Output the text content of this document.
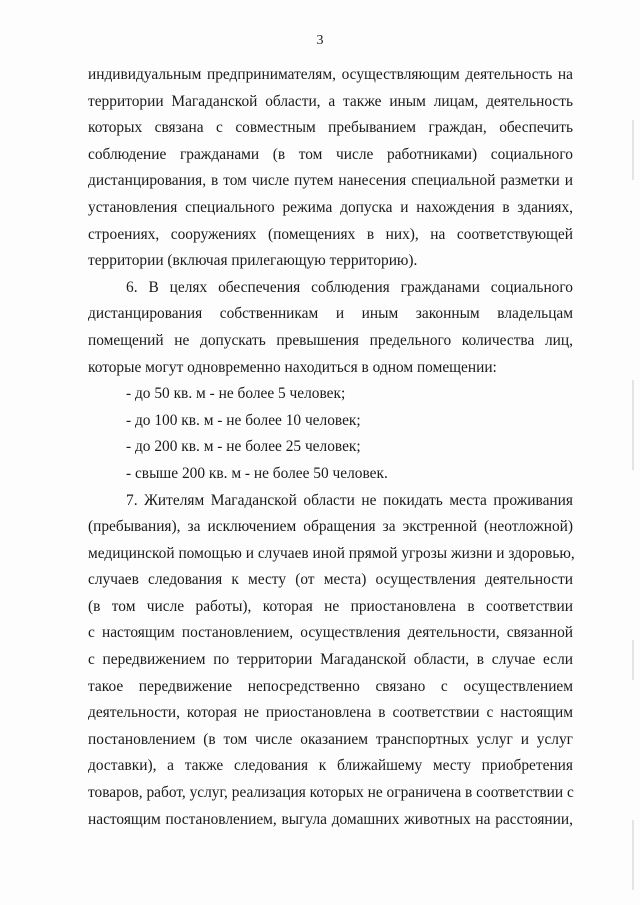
3
индивидуальным предпринимателям, осуществляющим деятельность на
территории Магаданской области, а также иным лицам, деятельность
которых связана с совместным пребыванием граждан, обеспечить
соблюдение гражданами (в том числе работниками) социального
дистанцирования, в том числе путем нанесения специальной разметки и
установления специального режима допуска и нахождения в зданиях,
строениях, сооружениях (помещениях в них), на соответствующей
территории (включая прилегающую территорию).
6. В целях обеспечения соблюдения гражданами социального
дистанцирования собственникам и иным законным владельцам
помещений не допускать превышения предельного количества лиц,
которые могут одновременно находиться в одном помещении:
- до 50 кв. м - не более 5 человек;
- до 100 кв. м - не более 10 человек;
- до 200 кв. м - не более 25 человек;
- свыше 200 кв. м - не более 50 человек.
7. Жителям Магаданской области не покидать места проживания
(пребывания), за исключением обращения за экстренной (неотложной)
медицинской помощью и случаев иной прямой угрозы жизни и здоровью,
случаев следования к месту (от места) осуществления деятельности
(в том числе работы), которая не приостановлена в соответствии
с настоящим постановлением, осуществления деятельности, связанной
с передвижением по территории Магаданской области, в случае если
такое передвижение непосредственно связано с осуществлением
деятельности, которая не приостановлена в соответствии с настоящим
постановлением (в том числе оказанием транспортных услуг и услуг
доставки), а также следования к ближайшему месту приобретения
товаров, работ, услуг, реализация которых не ограничена в соответствии с
настоящим постановлением, выгула домашних животных на расстоянии,
